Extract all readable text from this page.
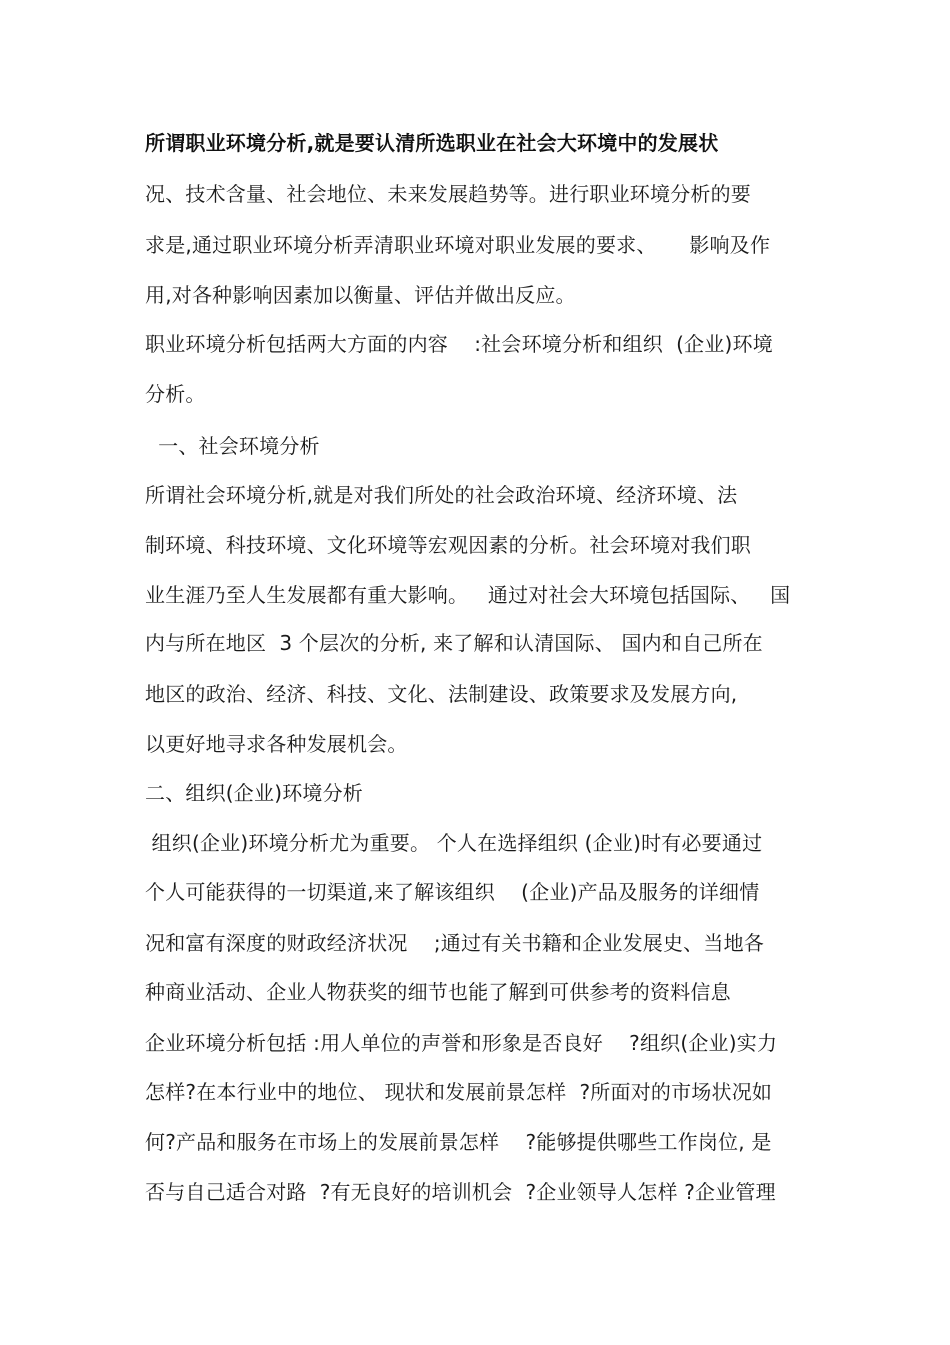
所谓职业环境分析,就是要认清所选职业在社会大环境中的发展状
况、技术含量、社会地位、未来发展趋势等。进行职业环境分析的要
求是,通过职业环境分析弄清职业环境对职业发展的要求、     影响及作
用,对各种影响因素加以衡量、评估并做出反应。
职业环境分析包括两大方面的内容    :社会环境分析和组织  (企业)环境
分析。
一、社会环境分析
所谓社会环境分析,就是对我们所处的社会政治环境、经济环境、法
制环境、科技环境、文化环境等宏观因素的分析。社会环境对我们职
业生涯乃至人生发展都有重大影响。   通过对社会大环境包括国际、   国
内与所在地区  3 个层次的分析, 来了解和认清国际、 国内和自己所在
地区的政治、经济、科技、文化、法制建设、政策要求及发展方向,
以更好地寻求各种发展机会。
二、组织(企业)环境分析
组织(企业)环境分析尤为重要。 个人在选择组织 (企业)时有必要通过
个人可能获得的一切渠道,来了解该组织    (企业)产品及服务的详细情
况和富有深度的财政经济状况    ;通过有关书籍和企业发展史、当地各
种商业活动、企业人物获奖的细节也能了解到可供参考的资料信息
企业环境分析包括 :用人单位的声誉和形象是否良好    ?组织(企业)实力
怎样?在本行业中的地位、 现状和发展前景怎样  ?所面对的市场状况如
何?产品和服务在市场上的发展前景怎样    ?能够提供哪些工作岗位, 是
否与自己适合对路  ?有无良好的培训机会  ?企业领导人怎样 ?企业管理
